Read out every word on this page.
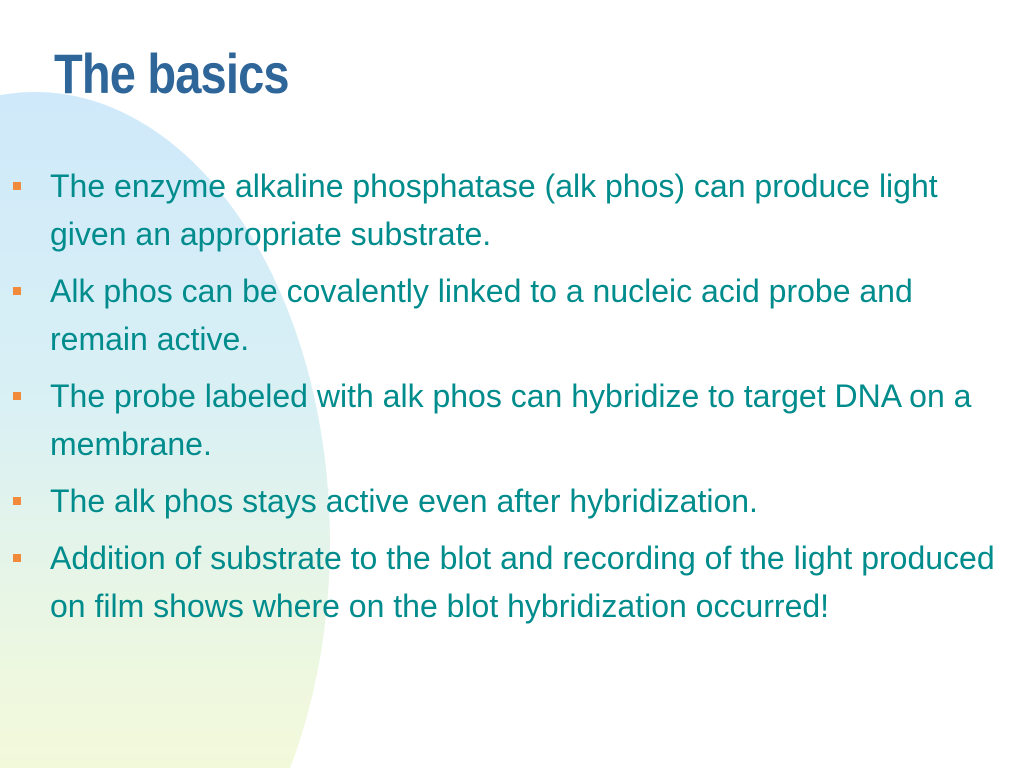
The basics
The enzyme alkaline phosphatase (alk phos) can produce light given an appropriate substrate.
Alk phos can be covalently linked to a nucleic acid probe and remain active.
The probe labeled with alk phos can hybridize to target DNA on a membrane.
The alk phos stays active even after hybridization.
Addition of substrate to the blot and recording of the light produced on film shows where on the blot hybridization occurred!
